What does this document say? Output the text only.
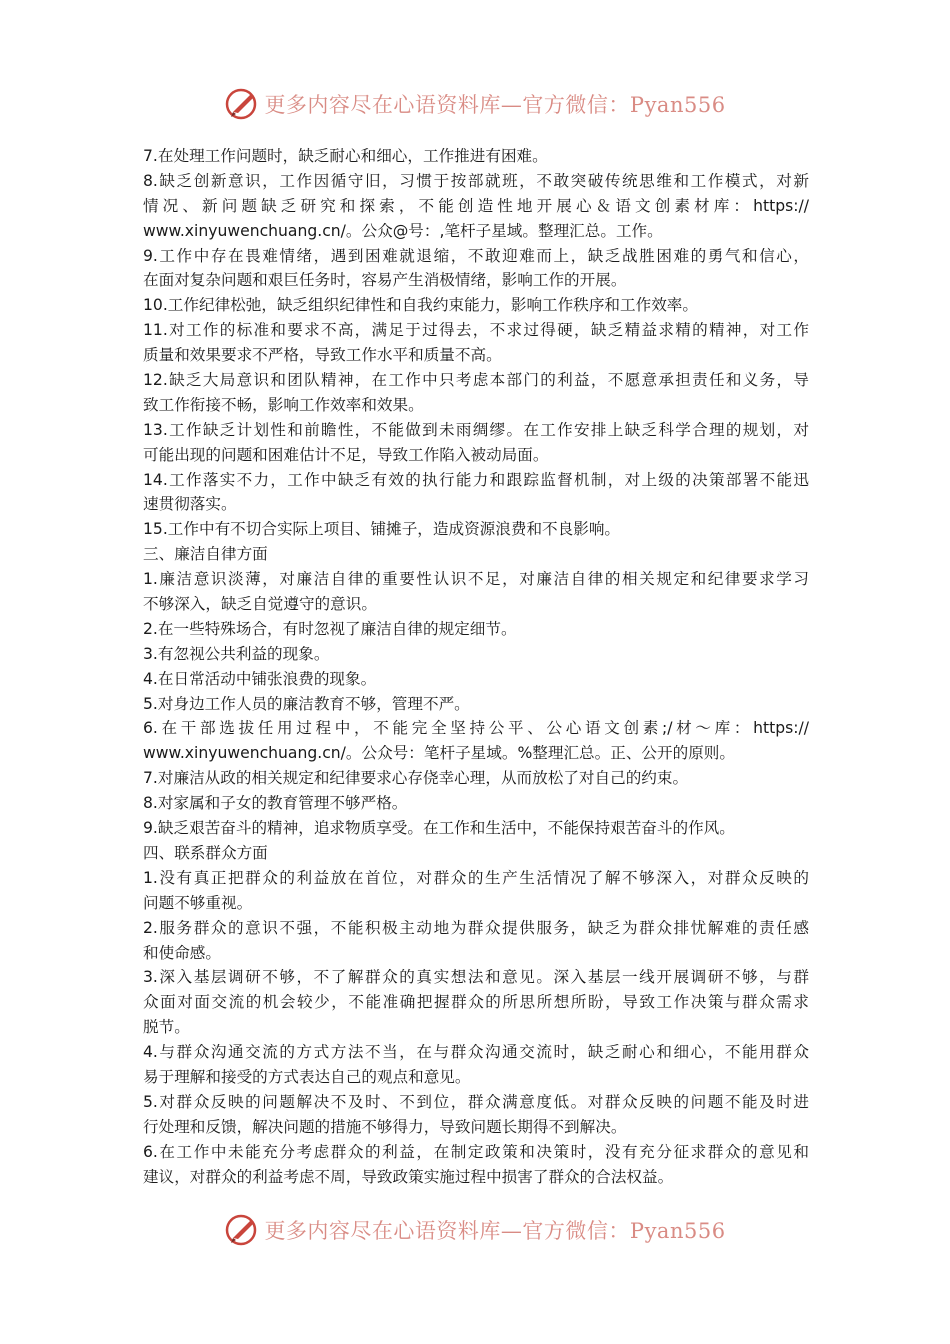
更多内容尽在心语资料库—官方微信：Pyan556
7.在处理工作问题时，缺乏耐心和细心，工作推进有困难。
8.缺乏创新意识，工作因循守旧，习惯于按部就班，不敢突破传统思维和工作模式，对新
情况、新问题缺乏研究和探索，不能创造性地开展心＆语文创素材库：https://
www.xinyuwenchuang.cn/。公众@号：,笔杆子星域。整理汇总。工作。
9.工作中存在畏难情绪，遇到困难就退缩，不敢迎难而上，缺乏战胜困难的勇气和信心，
在面对复杂问题和艰巨任务时，容易产生消极情绪，影响工作的开展。
10.工作纪律松弛，缺乏组织纪律性和自我约束能力，影响工作秩序和工作效率。
11.对工作的标准和要求不高，满足于过得去，不求过得硬，缺乏精益求精的精神，对工作
质量和效果要求不严格，导致工作水平和质量不高。
12.缺乏大局意识和团队精神，在工作中只考虑本部门的利益，不愿意承担责任和义务，导
致工作衔接不畅，影响工作效率和效果。
13.工作缺乏计划性和前瞻性，不能做到未雨绸缪。在工作安排上缺乏科学合理的规划，对
可能出现的问题和困难估计不足，导致工作陷入被动局面。
14.工作落实不力，工作中缺乏有效的执行能力和跟踪监督机制，对上级的决策部署不能迅
速贯彻落实。
15.工作中有不切合实际上项目、铺摊子，造成资源浪费和不良影响。
三、廉洁自律方面
1.廉洁意识淡薄，对廉洁自律的重要性认识不足，对廉洁自律的相关规定和纪律要求学习
不够深入，缺乏自觉遵守的意识。
2.在一些特殊场合，有时忽视了廉洁自律的规定细节。
3.有忽视公共利益的现象。
4.在日常活动中铺张浪费的现象。
5.对身边工作人员的廉洁教育不够，管理不严。
6.在干部选拔任用过程中，不能完全坚持公平、公心语文创素;/材～库：https://
www.xinyuwenchuang.cn/。公众号：笔杆子星域。%整理汇总。正、公开的原则。
7.对廉洁从政的相关规定和纪律要求心存侥幸心理，从而放松了对自己的约束。
8.对家属和子女的教育管理不够严格。
9.缺乏艰苦奋斗的精神，追求物质享受。在工作和生活中，不能保持艰苦奋斗的作风。
四、联系群众方面
1.没有真正把群众的利益放在首位，对群众的生产生活情况了解不够深入，对群众反映的
问题不够重视。
2.服务群众的意识不强，不能积极主动地为群众提供服务，缺乏为群众排忧解难的责任感
和使命感。
3.深入基层调研不够，不了解群众的真实想法和意见。深入基层一线开展调研不够，与群
众面对面交流的机会较少，不能准确把握群众的所思所想所盼，导致工作决策与群众需求
脱节。
4.与群众沟通交流的方式方法不当，在与群众沟通交流时，缺乏耐心和细心，不能用群众
易于理解和接受的方式表达自己的观点和意见。
5.对群众反映的问题解决不及时、不到位，群众满意度低。对群众反映的问题不能及时进
行处理和反馈，解决问题的措施不够得力，导致问题长期得不到解决。
6.在工作中未能充分考虑群众的利益，在制定政策和决策时，没有充分征求群众的意见和
建议，对群众的利益考虑不周，导致政策实施过程中损害了群众的合法权益。
更多内容尽在心语资料库—官方微信：Pyan556
